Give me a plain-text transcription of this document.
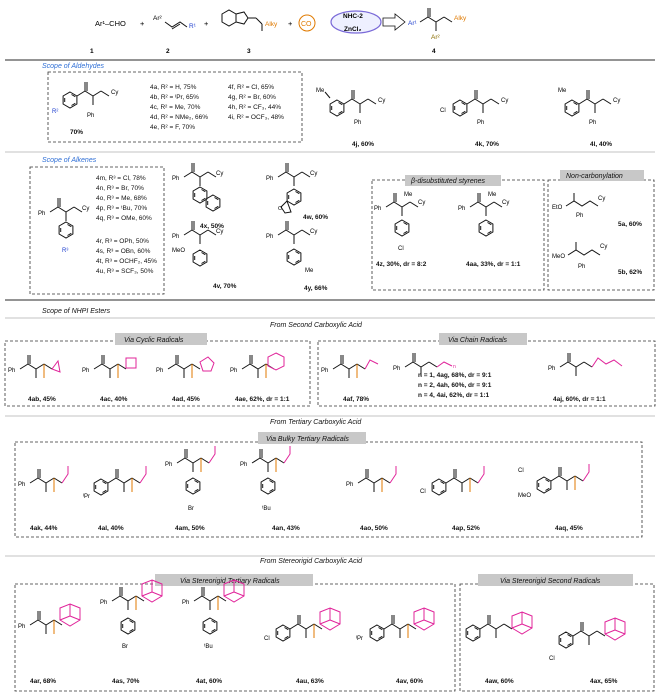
Ar¹–CHO +
Ar²
R¹ +	Alky + CO
NHC-2
ZnCl₂
Ar¹
Ar²
Alky
1	2	3	4
Scope of Aldehydes
Ph
Cy
R²
70%
4a, R² = H, 75%
4b, R² = ᴵPr, 65%
4c, R² = Me, 70%
4d, R² = NMe₂, 66%
4e, R² = F, 70%
4f, R² = Cl, 65%
4g, R² = Br, 60%
4h, R² = CF₃, 44%
4i, R² = OCF₃, 48%
Me
Ph
Cy
4j, 60%
Cl
Ph
Cy
4k, 70%
Me
Ph
Cy
4l, 40%
Scope of Alkenes
Ph
Cy
R³
4m, R³ = Cl, 78%
4n, R³ = Br, 70%
4o, R³ = Me, 68%
4p, R³ = ᵗBu, 70%
4q, R³ = OMe, 60%
4r, R³ = OPh, 50%
4s, R³ = OBn, 60%
4t, R³ = OCHF₂, 45%
4u, R³ = SCF₃, 50%
Ph
Cy
4x, 50%
Ph
Cy
O
4w, 60%
Ph
Cy
MeO
4v, 70%
Ph
Cy
Me
4y, 66%
β-disubstituted styrenes
Ph
Cy
Me
Cl
4z, 30%, dr = 8:2
Ph
Cy
Me
4aa, 33%, dr = 1:1
Non-carbonylation
EtO
Ph
Cy
5a, 60%
MeO
Ph
Cy
5b, 62%
Scope of NHPI Esters
From Second Carboxylic Acid
Via Cyclic Radicals
Ph
4ab, 45%
Ph
4ac, 40%
Ph
4ad, 45%
Ph
4ae, 62%, dr = 1:1
Via Chain Radicals
Ph
4af, 78%
Ph	n
n = 1, 4ag, 68%, dr = 9:1
n = 2, 4ah, 60%, dr = 9:1
n = 4, 4ai, 62%, dr = 1:1
Ph
4aj, 60%, dr = 1:1
From Tertiary Carboxylic Acid
Via Bulky Tertiary Radicals
Ph
4ak, 44%
ᴵPr
4al, 40%
Ph
Br
4am, 50%
Ph
ᵗBu
4an, 43%
Ph
4ao, 50%
Cl
4ap, 52%
Cl
MeO
4aq, 45%
From Stereorigid Carboxylic Acid
Via Stereorigid Tertiary Radicals	Via Stereorigid Second Radicals
Ph
4ar, 68%
Ph
Br
4as, 70%
Ph
ᵗBu
4at, 60%
Cl
4au, 63%
ᴵPr
4av, 60%	4aw, 60%
Cl
4ax, 65%
